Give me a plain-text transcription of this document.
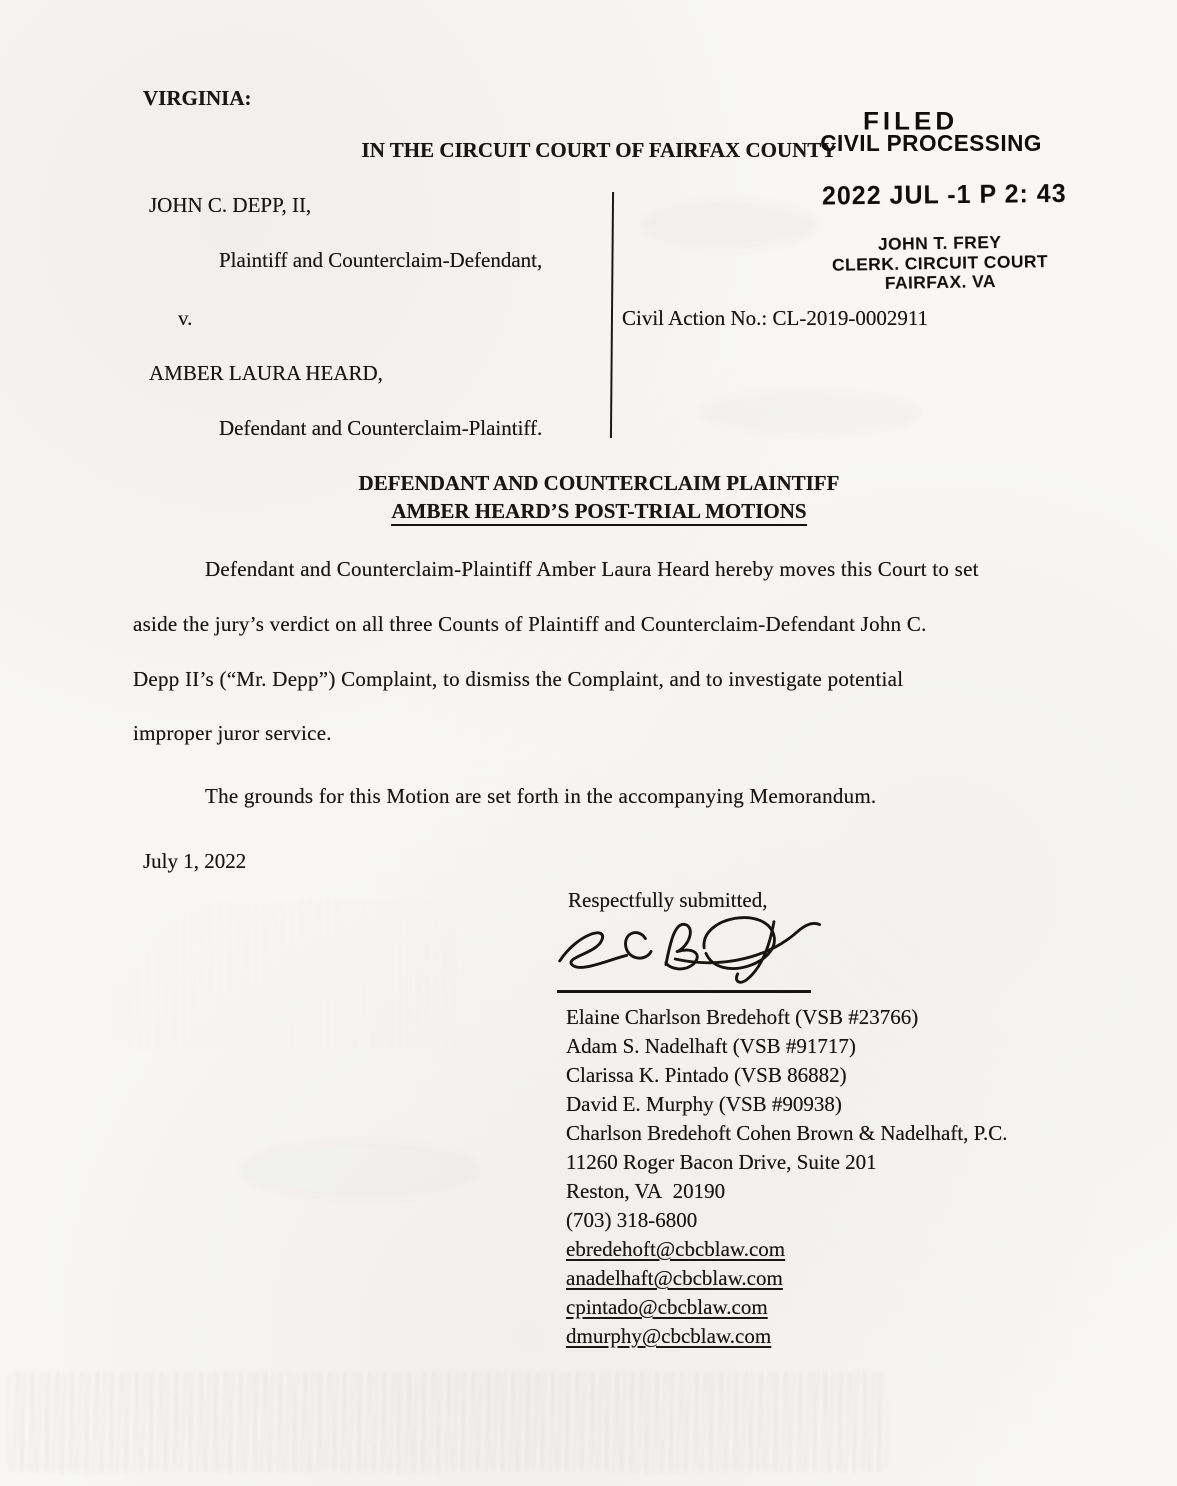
VIRGINIA:
IN THE CIRCUIT COURT OF FAIRFAX COUNTY
FILED
CIVIL PROCESSING
2022 JUL -1 P 2: 43
JOHN T. FREY
CLERK. CIRCUIT COURT
FAIRFAX. VA
JOHN C. DEPP, II,
Plaintiff and Counterclaim-Defendant,
v.
AMBER LAURA HEARD,
Defendant and Counterclaim-Plaintiff.
Civil Action No.: CL-2019-0002911
DEFENDANT AND COUNTERCLAIM PLAINTIFF
AMBER HEARD’S POST-TRIAL MOTIONS
Defendant and Counterclaim-Plaintiff Amber Laura Heard hereby moves this Court to set
aside the jury’s verdict on all three Counts of Plaintiff and Counterclaim-Defendant John C.
Depp II’s (“Mr. Depp”) Complaint, to dismiss the Complaint, and to investigate potential
improper juror service.
The grounds for this Motion are set forth in the accompanying Memorandum.
July 1, 2022
Respectfully submitted,
Elaine Charlson Bredehoft (VSB #23766)
Adam S. Nadelhaft (VSB #91717)
Clarissa K. Pintado (VSB 86882)
David E. Murphy (VSB #90938)
Charlson Bredehoft Cohen Brown & Nadelhaft, P.C.
11260 Roger Bacon Drive, Suite 201
Reston, VA  20190
(703) 318-6800
ebredehoft@cbcblaw.com
anadelhaft@cbcblaw.com
cpintado@cbcblaw.com
dmurphy@cbcblaw.com
